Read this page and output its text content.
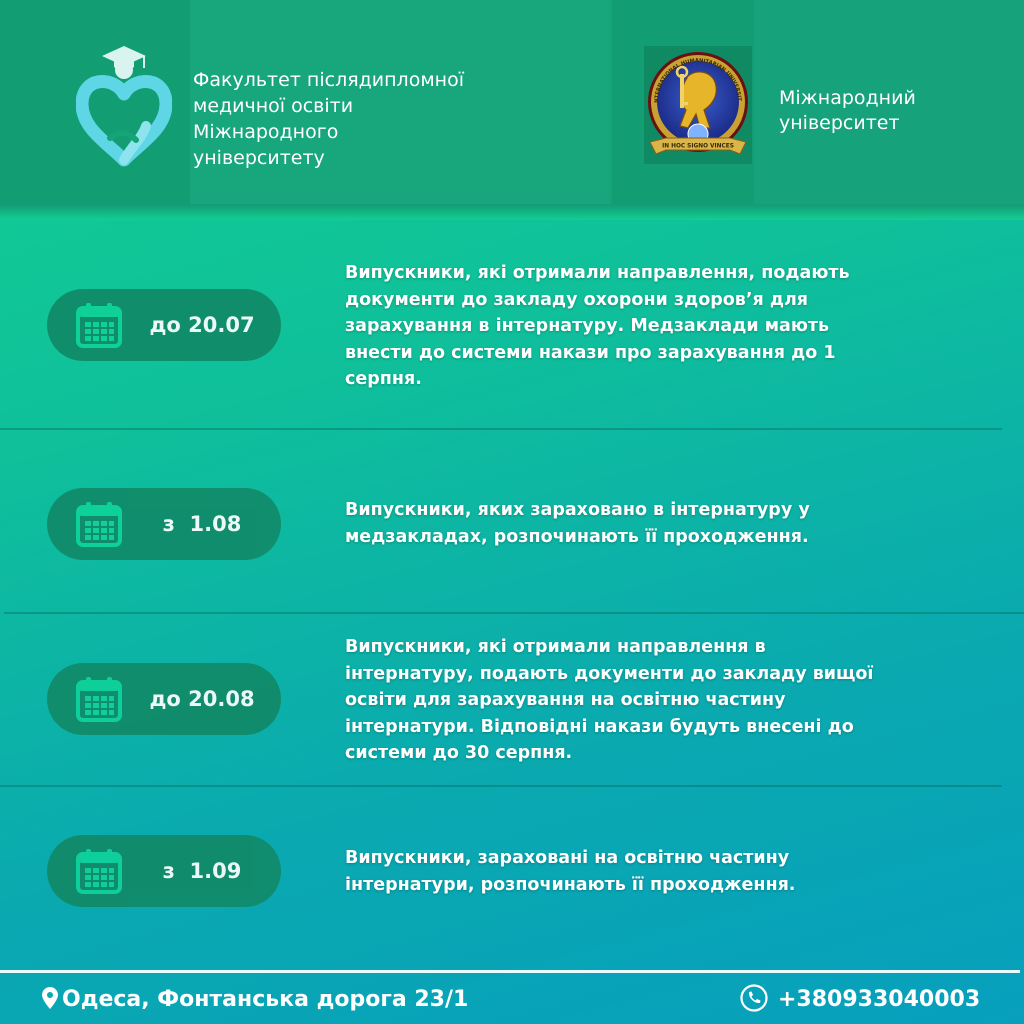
Факультет післядипломної
медичної освіти
Міжнародного
університету
IN HOC SIGNO VINCES
NTERNATIONAL HUMANITARIAN UNIVERSIT Міжнародний
університет
до 20.07
Випускники, які отримали направлення, подають
документи до закладу охорони здоров’я для
зарахування в інтернатуру. Медзаклади мають
внести до системи накази про зарахування до 1
серпня.
з  1.08
Випускники, яких зараховано в інтернатуру у
медзакладах, розпочинають її проходження.
до 20.08
Випускники, які отримали направлення в
інтернатуру, подають документи до закладу вищої
освіти для зарахування на освітню частину
інтернатури. Відповідні накази будуть внесені до
системи до 30 серпня.
з  1.09
Випускники, зараховані на освітню частину
інтернатури, розпочинають її проходження.
Одеса, Фонтанська дорога 23/1	+380933040003
